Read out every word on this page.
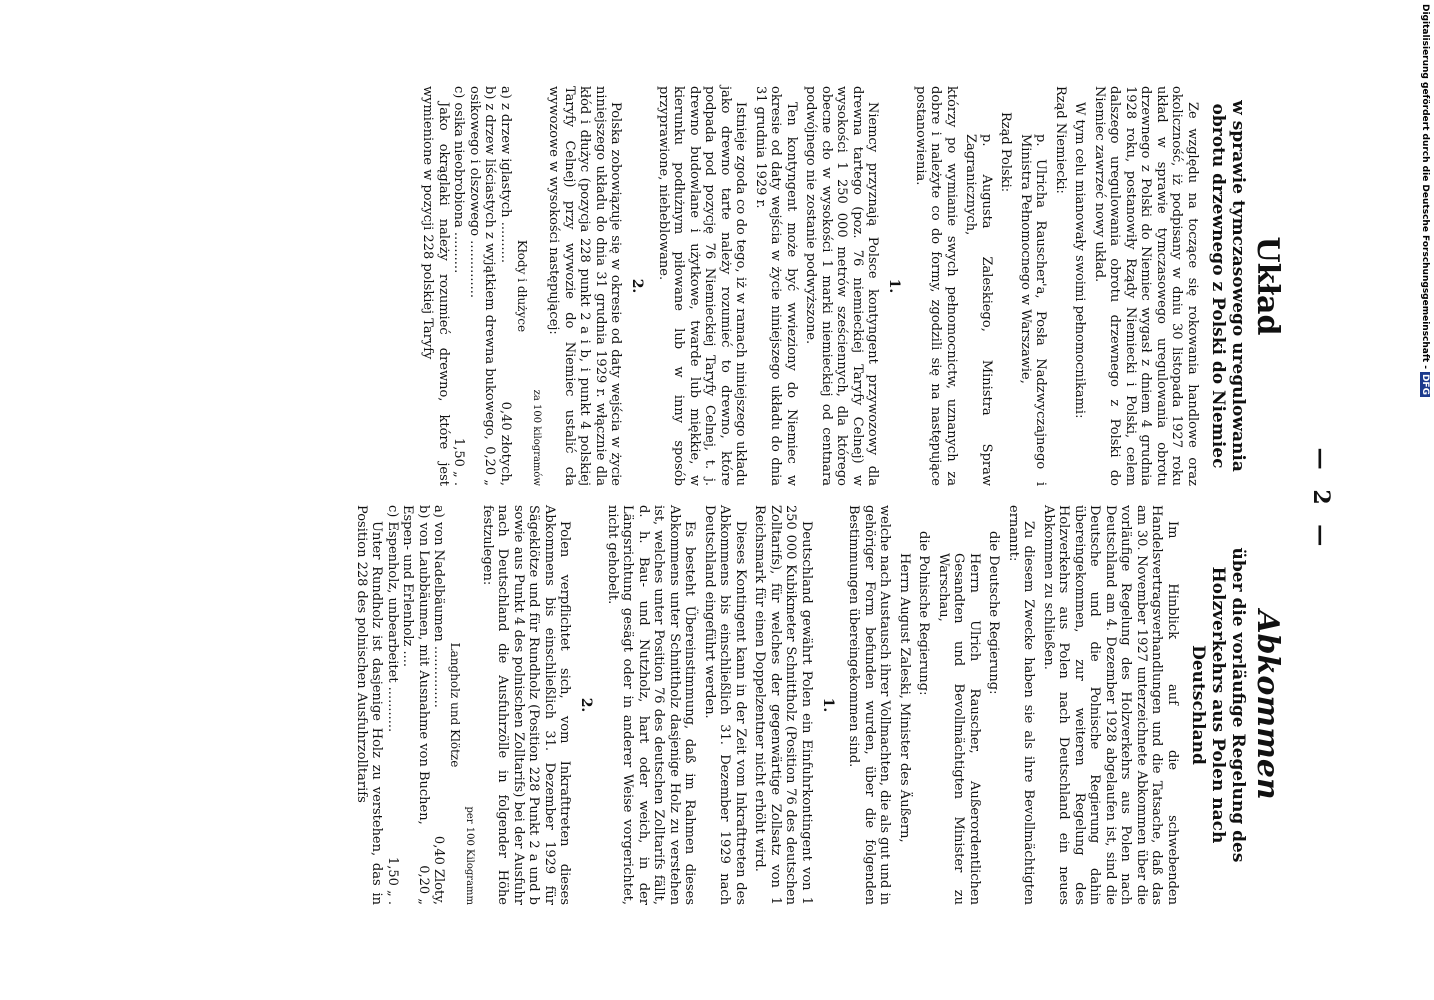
— 2 —
Układ
w sprawie tymczasowego uregulowania obrotu drzewnego z Polski do Niemiec

Ze względu na toczące się rokowania handlowe oraz okoliczność, iż podpisany w dniu 30 listopada 1927 roku układ w sprawie tymczasowego uregulowania obrotu drzewnego z Polski do Niemiec wygasł z dniem 4 grudnia 1928 roku, postanowiły Rządy Niemiecki i Polski, celem dalszego uregulowania obrotu drzewnego z Polski do Niemiec zawrzeć nowy układ.

W tym celu mianowały swoimi pełnomocnikami:

Rząd Niemiecki:

p. Ulricha Rauscher'a, Posła Nadzwyczajnego i Ministra Pełnomocnego w Warszawie,

Rząd Polski:

p. Augusta Zaleskiego, Ministra Spraw Zagranicznych,

którzy po wymianie swych pełnomocnictw, uznanych za dobre i należyte co do formy, zgodzili się na następujące postanowienia.

1.

Niemcy przyznają Polsce kontyngent przywozowy dla drewna tartego (poz. 76 niemieckiej Taryfy Celnej) w wysokości 1 250 000 metrów sześciennych, dla którego obecne cło w wysokości 1 marki niemieckiej od centnara podwójnego nie zostanie podwyższone.

Ten kontyngent może być wwieziony do Niemiec w okresie od daty wejścia w życie niniejszego układu do dnia 31 grudnia 1929 r.

Istnieje zgoda co do tego, iż w ramach niniejszego układu jako drewno tarte należy rozumieć to drewno, które podpada pod pozycję 76 Niemieckiej Taryfy Celnej, t. j. drewno budowlane i użytkowe, twarde lub miękkie, w kierunku podłużnym piłowane lub w inny sposób przyprawione, nieheblowane.

2.

Polska zobowiązuje się w okresie od daty wejścia w życie niniejszego układu do dnia 31 grudnia 1929 r. włącznie dla kłód i dłużyc (pozycja 228 punkt 2 a i b, i punkt 4 polskiej Taryfy Celnej) przy wywozie do Niemiec ustalić cła wywozowe w wysokości następującej:

za 100 kilogramów
Kłody i dłużyce
a) z drzew iglastych ..........
0,40 złotych,
b) z drzew liściastych z wyjątkiem drewna bukowego, osikowego i olszowego ..............
0,20 „
c) osika nieobrobiona ..........
1,50 „ .

Jako okrąglaki należy rozumieć drewno, które jest wymienione w pozycji 228 polskiej Taryfy

Abkommen
über die vorläufige Regelung des Holzverkehrs aus Polen nach Deutschland

Im Hinblick auf die schwebenden Handelsvertragsverhandlungen und die Tatsache, daß das am 30. November 1927 unterzeichnete Abkommen über die vorläufige Regelung des Holzverkehrs aus Polen nach Deutschland am 4. Dezember 1928 abgelaufen ist, sind die Deutsche und die Polnische Regierung dahin übereingekommen, zur weiteren Regelung des Holzverkehrs aus Polen nach Deutschland ein neues Abkommen zu schließen.

Zu diesem Zwecke haben sie als ihre Bevollmächtigten ernannt:

die Deutsche Regierung:

Herrn Ulrich Rauscher, Außerordentlichen Gesandten und Bevollmächtigten Minister zu Warschau,

die Polnische Regierung:

Herrn August Zaleski, Minister des Äußern,

welche nach Austausch ihrer Vollmachten, die als gut und in gehöriger Form befunden wurden, über die folgenden Bestimmungen übereingekommen sind.

1.

Deutschland gewährt Polen ein Einfuhrkontingent von 1 250 000 Kubikmeter Schnittholz (Position 76 des deutschen Zolltarifs), für welches der gegenwärtige Zollsatz von 1 Reichsmark für einen Doppelzentner nicht erhöht wird.

Dieses Kontingent kann in der Zeit vom Inkrafttreten des Abkommens bis einschließlich 31. Dezember 1929 nach Deutschland eingeführt werden.

Es besteht Übereinstimmung, daß im Rahmen dieses Abkommens unter Schnittholz dasjenige Holz zu verstehen ist, welches unter Position 76 des deutschen Zolltarifs fällt, d. h. Bau- und Nutzholz, hart oder weich, in der Längsrichtung gesägt oder in anderer Weise vorgerichtet, nicht gehobelt.

2.

Polen verpflichtet sich, vom Inkrafttreten dieses Abkommens bis einschließlich 31. Dezember 1929 für Sägeklötze und für Rundholz (Position 228 Punkt 2 a und b sowie aus Punkt 4 des polnischen Zolltarifs) bei der Ausfuhr nach Deutschland die Ausfuhrzölle in folgender Höhe festzulegen:

per 100 Kilogramm
Langholz und Klötze
a) von Nadelbäumen ...............
0,40 Zloty,
b) von Laubbäumen, mit Ausnahme von Buchen, Espen- und Erlenholz ....
0,20 „
c) Espenholz, unbearbeitet ...........
1,50 „ .

Unter Rundholz ist dasjenige Holz zu verstehen, das in Position 228 des polnischen Ausfuhrzolltarifs

Digitalisierung gefördert durch die Deutsche Forschungsgemeinschaft -DFG
